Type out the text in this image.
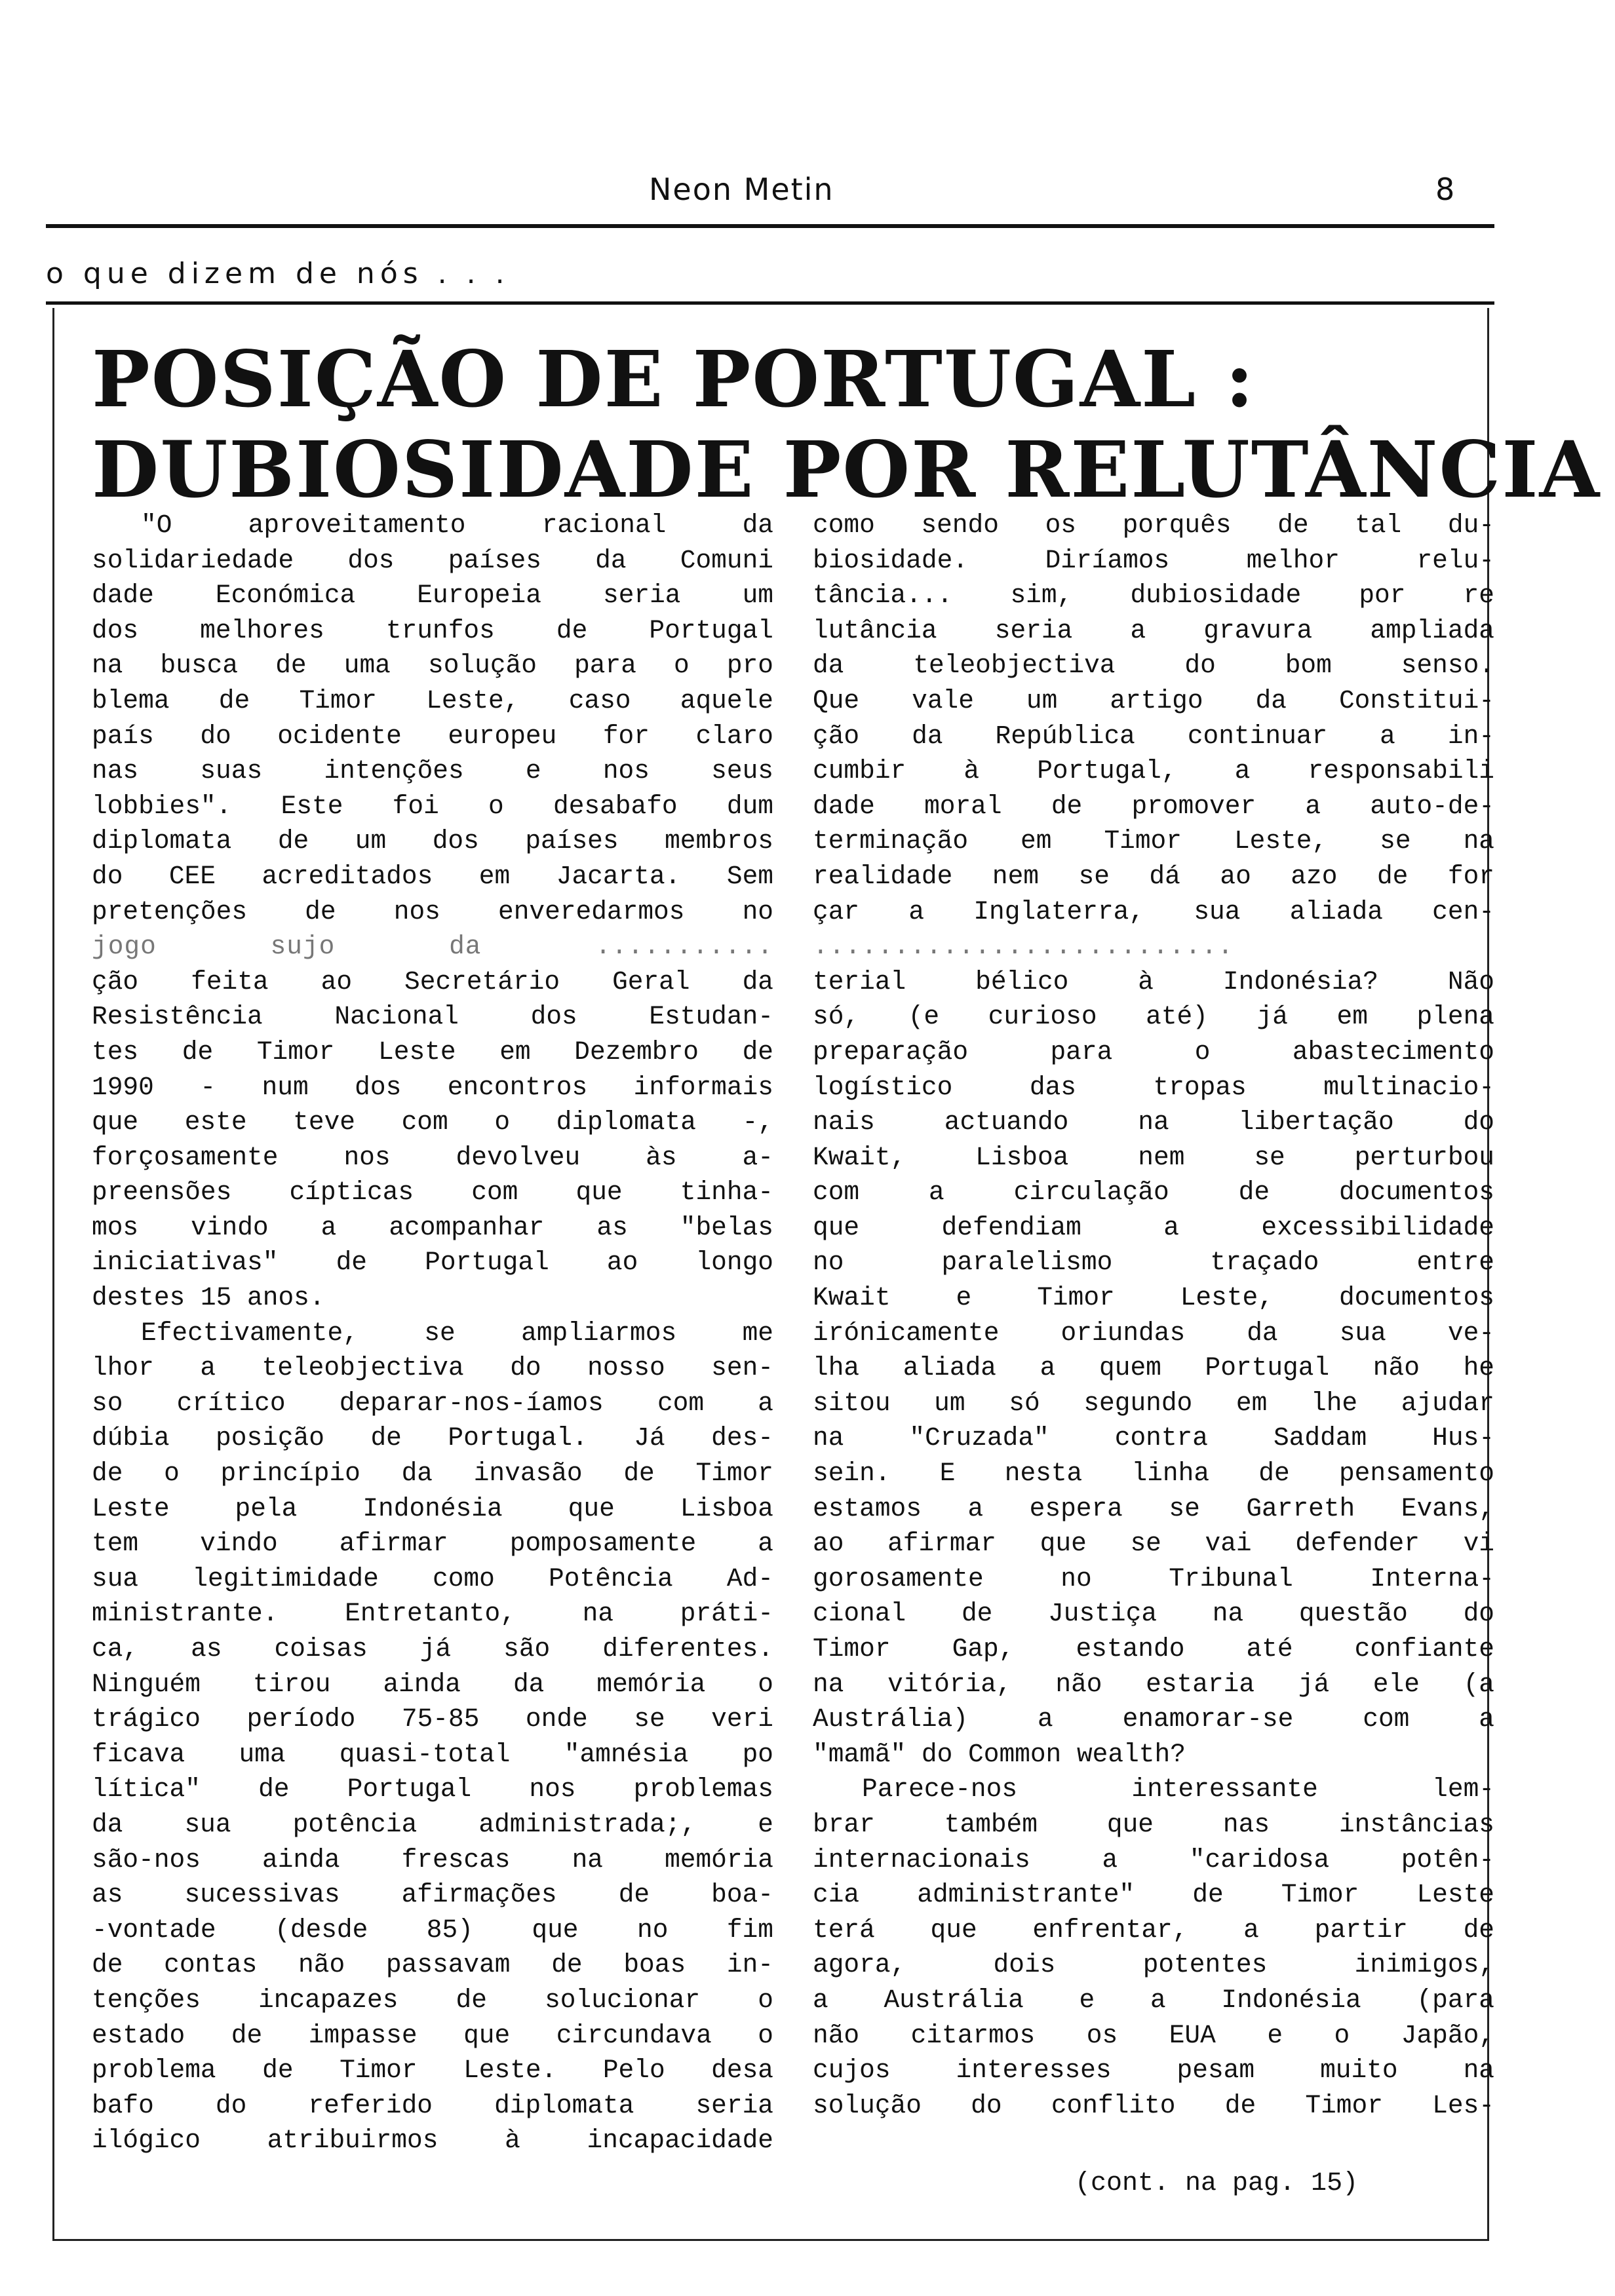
Neon Metin	8
o que dizem de nós . . .
POSIÇÃO DE PORTUGAL :
DUBIOSIDADE POR RELUTÂNCIA
"O aproveitamento racional da
solidariedade dos países da Comuni
dade Económica Europeia seria um
dos melhores trunfos de Portugal
na busca de uma solução para o pro
blema de Timor Leste, caso aquele
país do ocidente europeu for claro
nas suas intenções e nos seus
lobbies". Este foi o desabafo dum
diplomata de um dos países membros
do CEE acreditados em Jacarta. Sem
pretenções de nos enveredarmos no
jogo sujo da ...........
ção feita ao Secretário Geral da
Resistência Nacional dos Estudan-
tes de Timor Leste em Dezembro de
1990 - num dos encontros informais
que este teve com o diplomata -,
forçosamente nos devolveu às a-
preensões cípticas com que tinha-
mos vindo a acompanhar as "belas
iniciativas" de Portugal ao longo
destes 15 anos.
Efectivamente, se ampliarmos me
lhor a teleobjectiva do nosso sen-
so crítico deparar-nos-íamos com a
dúbia posição de Portugal. Já des-
de o princípio da invasão de Timor
Leste pela Indonésia que Lisboa
tem vindo afirmar pomposamente a
sua legitimidade como Potência Ad-
ministrante. Entretanto, na práti-
ca, as coisas já são diferentes.
Ninguém tirou ainda da memória o
trágico período 75-85 onde se veri
ficava uma quasi-total "amnésia po
lítica" de Portugal nos problemas
da sua potência administrada;, e
são-nos ainda frescas na memória
as sucessivas afirmações de boa-
-vontade (desde 85) que no fim
de contas não passavam de boas in-
tenções incapazes de solucionar o
estado de impasse que circundava o
problema de Timor Leste. Pelo desa
bafo do referido diplomata seria
ilógico atribuirmos à incapacidade
como sendo os porquês de tal du-
biosidade. Diríamos melhor relu-
tância... sim, dubiosidade por re
lutância seria a gravura ampliada
da teleobjectiva do bom senso.
Que vale um artigo da Constitui-
ção da República continuar a in-
cumbir à Portugal, a responsabili
dade moral de promover a auto-de-
terminação em Timor Leste, se na
realidade nem se dá ao azo de for
çar a Inglaterra, sua aliada cen-
..........................
terial bélico à Indonésia? Não
só, (e curioso até) já em plena
preparação para o abastecimento
logístico das tropas multinacio-
nais actuando na libertação do
Kwait, Lisboa nem se perturbou
com a circulação de documentos
que defendiam a excessibilidade
no paralelismo traçado entre
Kwait e Timor Leste, documentos
irónicamente oriundas da sua ve-
lha aliada a quem Portugal não he
sitou um só segundo em lhe ajudar
na "Cruzada" contra Saddam Hus-
sein. E nesta linha de pensamento
estamos a espera se Garreth Evans,
ao afirmar que se vai defender vi
gorosamente no Tribunal Interna-
cional de Justiça na questão do
Timor Gap, estando até confiante
na vitória, não estaria já ele (a
Austrália) a enamorar-se com a
"mamã" do Common wealth?
Parece-nos interessante lem-
brar também que nas instâncias
internacionais a "caridosa potên-
cia administrante" de Timor Leste
terá que enfrentar, a partir de
agora, dois potentes inimigos,
a Austrália e a Indonésia (para
não citarmos os EUA e o Japão,
cujos interesses pesam muito na
solução do conflito de Timor Les-
(cont. na pag. 15)
